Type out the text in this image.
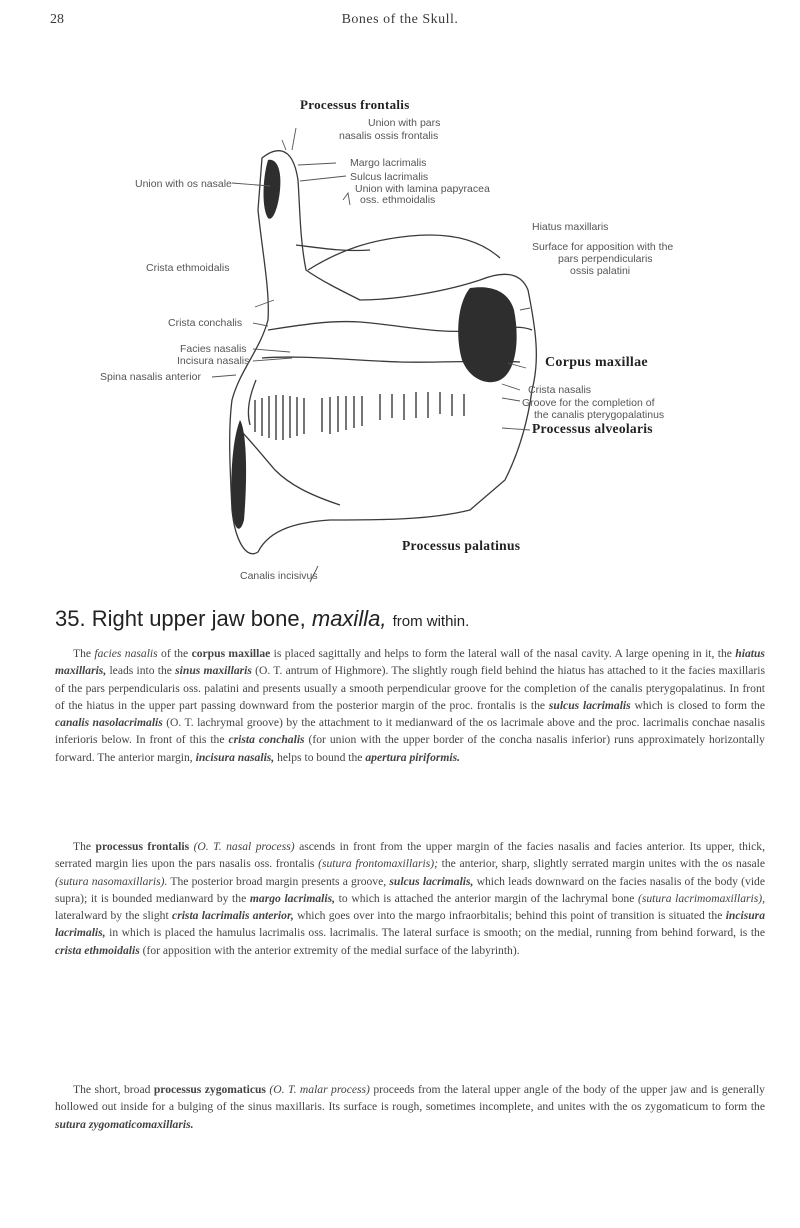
28	Bones of the Skull.
Processus frontalis
Union with pars
nasalis ossis frontalis
Margo lacrimalis
Sulcus lacrimalis
Union with lamina papyracea
oss. ethmoidalis
Union with os nasale
Hiatus maxillaris
Surface for apposition with the
pars perpendicularis
ossis palatini
Crista ethmoidalis
Crista conchalis
Facies nasalis
Incisura nasalis	Corpus maxillae
Spina nasalis anterior
Crista nasalis
Groove for the completion of
the canalis pterygopalatinus
Processus alveolaris
Processus palatinus
Canalis incisivus
35. Right upper jaw bone, maxilla, from within.

The facies nasalis of the corpus maxillae is placed sagittally and helps to form the lateral wall of the nasal cavity. A large opening in it, the hiatus maxillaris, leads into the sinus maxillaris (O. T. antrum of Highmore). The slightly rough field behind the hiatus has attached to it the facies maxillaris of the pars perpendicularis oss. palatini and presents usually a smooth perpendicular groove for the completion of the canalis pterygopalatinus. In front of the hiatus in the upper part passing downward from the posterior margin of the proc. frontalis is the sulcus lacrimalis which is closed to form the canalis nasolacrimalis (O. T. lachrymal groove) by the attachment to it medianward of the os lacrimale above and the proc. lacrimalis conchae nasalis inferioris below. In front of this the crista conchalis (for union with the upper border of the concha nasalis inferior) runs approximately horizontally forward. The anterior margin, incisura nasalis, helps to bound the apertura piriformis.

The processus frontalis (O. T. nasal process) ascends in front from the upper margin of the facies nasalis and facies anterior. Its upper, thick, serrated margin lies upon the pars nasalis oss. frontalis (sutura frontomaxillaris); the anterior, sharp, slightly serrated margin unites with the os nasale (sutura nasomaxillaris). The posterior broad margin presents a groove, sulcus lacrimalis, which leads downward on the facies nasalis of the body (vide supra); it is bounded medianward by the margo lacrimalis, to which is attached the anterior margin of the lachrymal bone (sutura lacrimomaxillaris), lateralward by the slight crista lacrimalis anterior, which goes over into the margo infraorbitalis; behind this point of transition is situated the incisura lacrimalis, in which is placed the hamulus lacrimalis oss. lacrimalis. The lateral surface is smooth; on the medial, running from behind forward, is the crista ethmoidalis (for apposition with the anterior extremity of the medial surface of the labyrinth).

The short, broad processus zygomaticus (O. T. malar process) proceeds from the lateral upper angle of the body of the upper jaw and is generally hollowed out inside for a bulging of the sinus maxillaris. Its surface is rough, sometimes incomplete, and unites with the os zygomaticum to form the sutura zygomaticomaxillaris.
